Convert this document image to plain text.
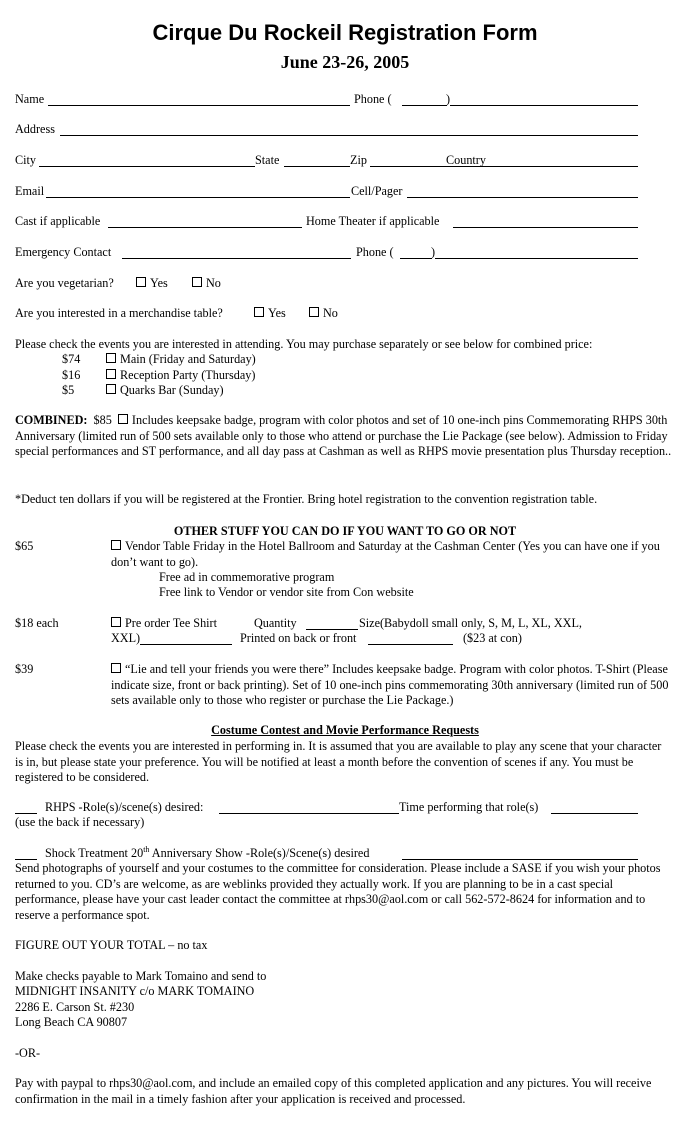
Cirque Du Rockeil Registration Form
June 23-26, 2005
Name	Phone (	)
Address
City	State	Zip	Country
Email	Cell/Pager
Cast if applicable	Home Theater if applicable
Emergency Contact	Phone (	)
Are you vegetarian?	Yes	No
Are you interested in a merchandise table?	Yes	No
Please check the events you are interested in attending. You may purchase separately or see below for combined price:
$74	Main (Friday and Saturday)
$16	Reception Party (Thursday)
$5	Quarks Bar (Sunday)
COMBINED: $85 Includes keepsake badge, program with color photos and set of 10 one-inch pins Commemorating RHPS 30th Anniversary (limited run of 500 sets available only to those who attend or purchase the Lie Package (see below). Admission to Friday special performances and ST performance, and all day pass at Cashman as well as RHPS movie presentation plus Thursday reception..
*Deduct ten dollars if you will be registered at the Frontier. Bring hotel registration to the convention registration table.
OTHER STUFF YOU CAN DO IF YOU WANT TO GO OR NOT
$65	Vendor Table Friday in the Hotel Ballroom and Saturday at the Cashman Center (Yes you can have one if you don’t want to go).
Free ad in commemorative program
Free link to Vendor or vendor site from Con website
$18 each	Pre order Tee Shirt	Quantity	Size(Babydoll small only, S, M, L, XL, XXL,
XXL)	Printed on back or front	($23 at con)
$39	“Lie and tell your friends you were there” Includes keepsake badge. Program with color photos. T-Shirt (Please indicate size, front or back printing). Set of 10 one-inch pins commemorating 30th anniversary (limited run of 500 sets available only to those who register or purchase the Lie Package.)
Costume Contest and Movie Performance Requests
Please check the events you are interested in performing in. It is assumed that you are available to play any scene that your character is in, but please state your preference. You will be notified at least a month before the convention of scenes if any. You must be registered to be considered.
RHPS -Role(s)/scene(s) desired:	Time performing that role(s)
(use the back if necessary)
Shock Treatment 20th Anniversary Show -Role(s)/Scene(s) desired
Send photographs of yourself and your costumes to the committee for consideration. Please include a SASE if you wish your photos returned to you. CD’s are welcome, as are weblinks provided they actually work. If you are planning to be in a cast special performance, please have your cast leader contact the committee at rhps30@aol.com or call 562-572-8624 for information and to reserve a performance spot.
FIGURE OUT YOUR TOTAL – no tax
Make checks payable to Mark Tomaino and send to
MIDNIGHT INSANITY c/o MARK TOMAINO
2286 E. Carson St. #230
Long Beach CA 90807
-OR-
Pay with paypal to rhps30@aol.com, and include an emailed copy of this completed application and any pictures. You will receive confirmation in the mail in a timely fashion after your application is received and processed.
